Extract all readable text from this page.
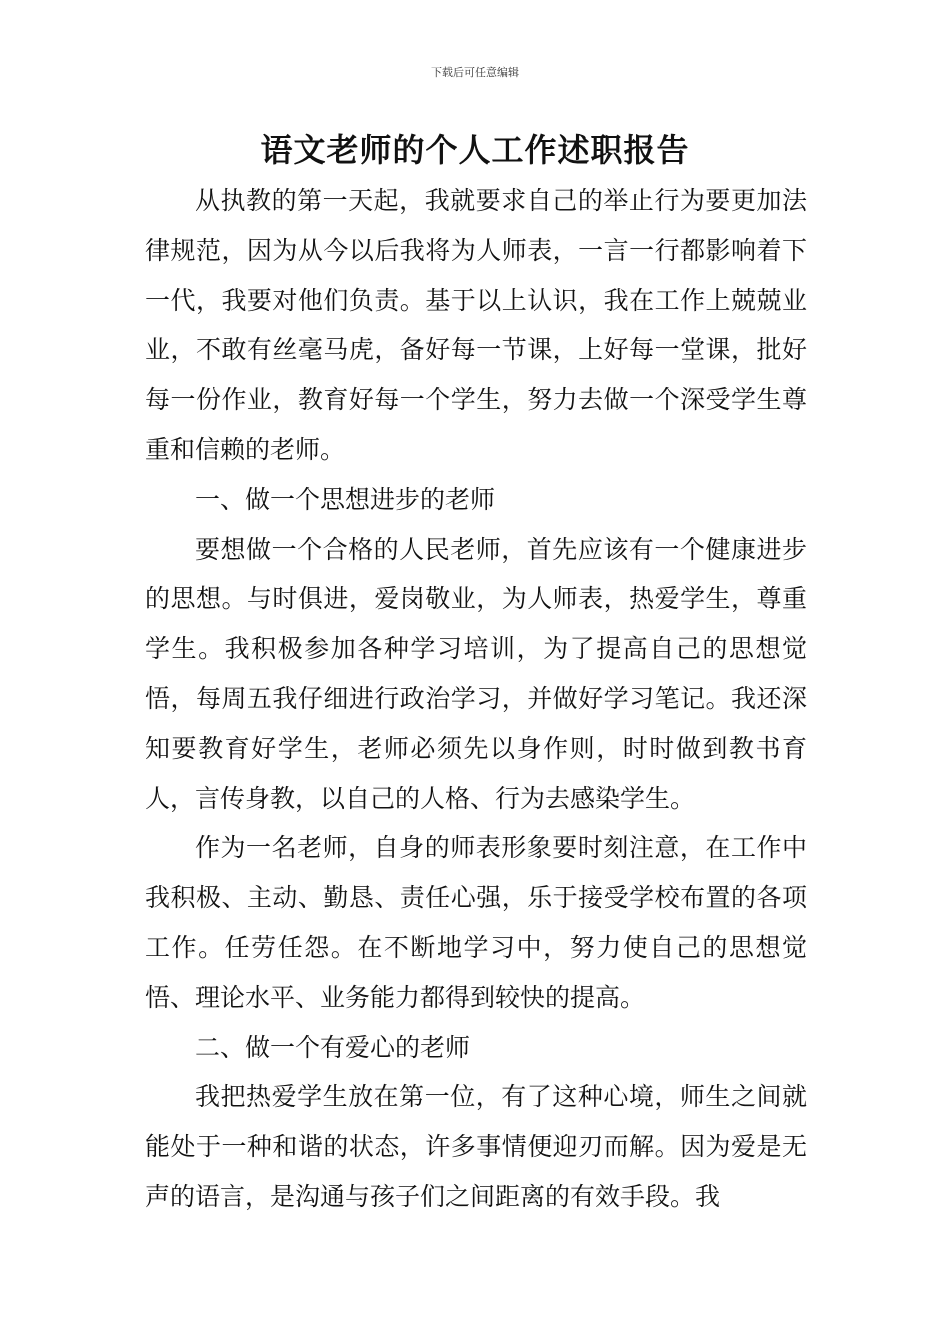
下载后可任意编辑
语文老师的个人工作述职报告

从执教的第一天起，我就要求自己的举止行为要更加法律规范，因为从今以后我将为人师表，一言一行都影响着下一代，我要对他们负责。基于以上认识，我在工作上兢兢业业，不敢有丝毫马虎，备好每一节课，上好每一堂课，批好每一份作业，教育好每一个学生，努力去做一个深受学生尊重和信赖的老师。

一、做一个思想进步的老师

要想做一个合格的人民老师，首先应该有一个健康进步的思想。与时俱进，爱岗敬业，为人师表，热爱学生，尊重学生。我积极参加各种学习培训，为了提高自己的思想觉悟，每周五我仔细进行政治学习，并做好学习笔记。我还深知要教育好学生，老师必须先以身作则，时时做到教书育人，言传身教，以自己的人格、行为去感染学生。

作为一名老师，自身的师表形象要时刻注意，在工作中我积极、主动、勤恳、责任心强，乐于接受学校布置的各项工作。任劳任怨。在不断地学习中，努力使自己的思想觉悟、理论水平、业务能力都得到较快的提高。

二、做一个有爱心的老师

我把热爱学生放在第一位，有了这种心境，师生之间就能处于一种和谐的状态，许多事情便迎刃而解。因为爱是无声的语言，是沟通与孩子们之间距离的有效手段。我
